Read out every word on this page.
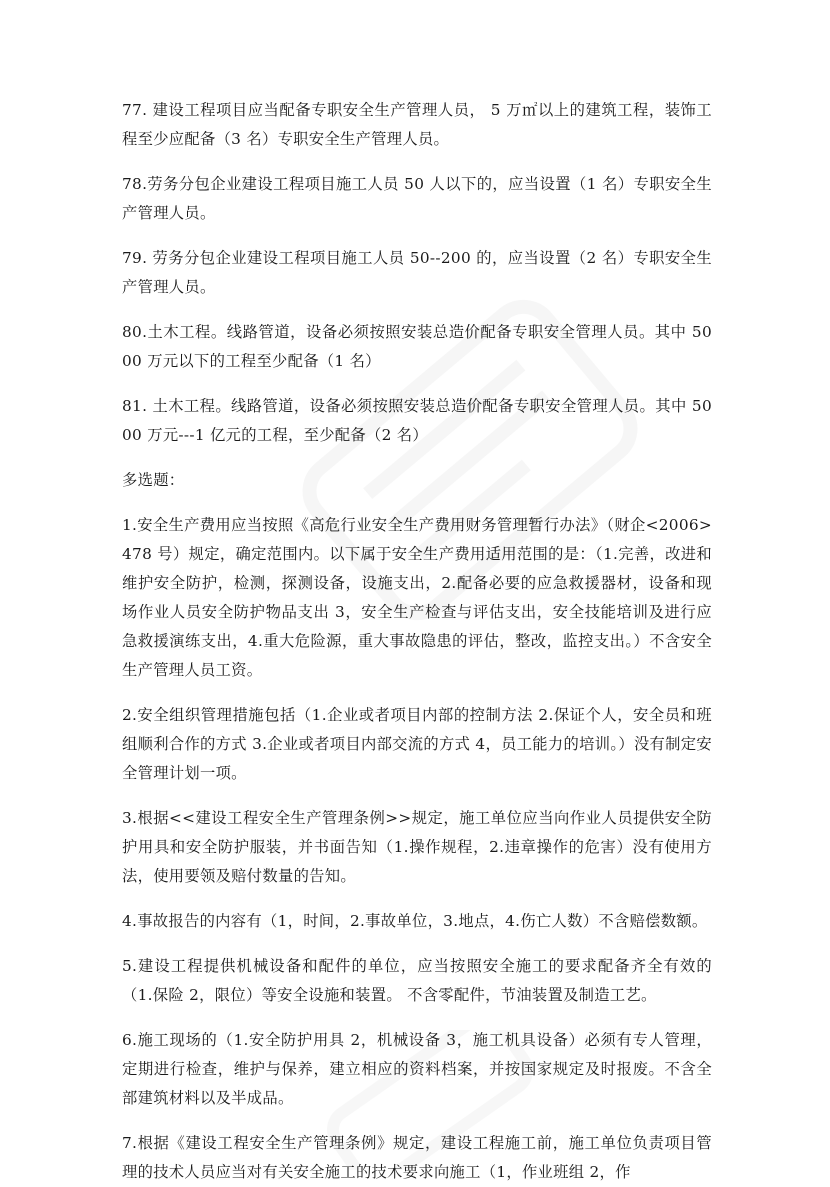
77. 建设工程项目应当配备专职安全生产管理人员， 5 万㎡以上的建筑工程，装饰工程至少应配备（3 名）专职安全生产管理人员。

78.劳务分包企业建设工程项目施工人员 50 人以下的，应当设置（1 名）专职安全生产管理人员。

79. 劳务分包企业建设工程项目施工人员 50--200 的，应当设置（2 名）专职安全生产管理人员。

80.土木工程。线路管道，设备必须按照安装总造价配备专职安全管理人员。其中 5000 万元以下的工程至少配备（1 名）

81. 土木工程。线路管道，设备必须按照安装总造价配备专职安全管理人员。其中 5000 万元---1 亿元的工程，至少配备（2 名）

多选题：

1.安全生产费用应当按照《高危行业安全生产费用财务管理暂行办法》（财企<2006>478 号）规定，确定范围内。以下属于安全生产费用适用范围的是：（1.完善，改进和维护安全防护，检测，探测设备，设施支出，2.配备必要的应急救援器材，设备和现场作业人员安全防护物品支出 3，安全生产检查与评估支出，安全技能培训及进行应急救援演练支出，4.重大危险源，重大事故隐患的评估，整改，监控支出。）不含安全生产管理人员工资。

2.安全组织管理措施包括（1.企业或者项目内部的控制方法 2.保证个人，安全员和班组顺利合作的方式 3.企业或者项目内部交流的方式 4，员工能力的培训。）没有制定安全管理计划一项。

3.根据<<建设工程安全生产管理条例>>规定，施工单位应当向作业人员提供安全防护用具和安全防护服装，并书面告知（1.操作规程，2.违章操作的危害）没有使用方法，使用要领及赔付数量的告知。

4.事故报告的内容有（1，时间，2.事故单位，3.地点，4.伤亡人数）不含赔偿数额。

5.建设工程提供机械设备和配件的单位，应当按照安全施工的要求配备齐全有效的（1.保险 2，限位）等安全设施和装置。 不含零配件，节油装置及制造工艺。

6.施工现场的（1.安全防护用具 2，机械设备 3，施工机具设备）必须有专人管理，定期进行检查，维护与保养，建立相应的资料档案，并按国家规定及时报废。不含全部建筑材料以及半成品。

7.根据《建设工程安全生产管理条例》规定，建设工程施工前，施工单位负责项目管理的技术人员应当对有关安全施工的技术要求向施工（1，作业班组 2，作
